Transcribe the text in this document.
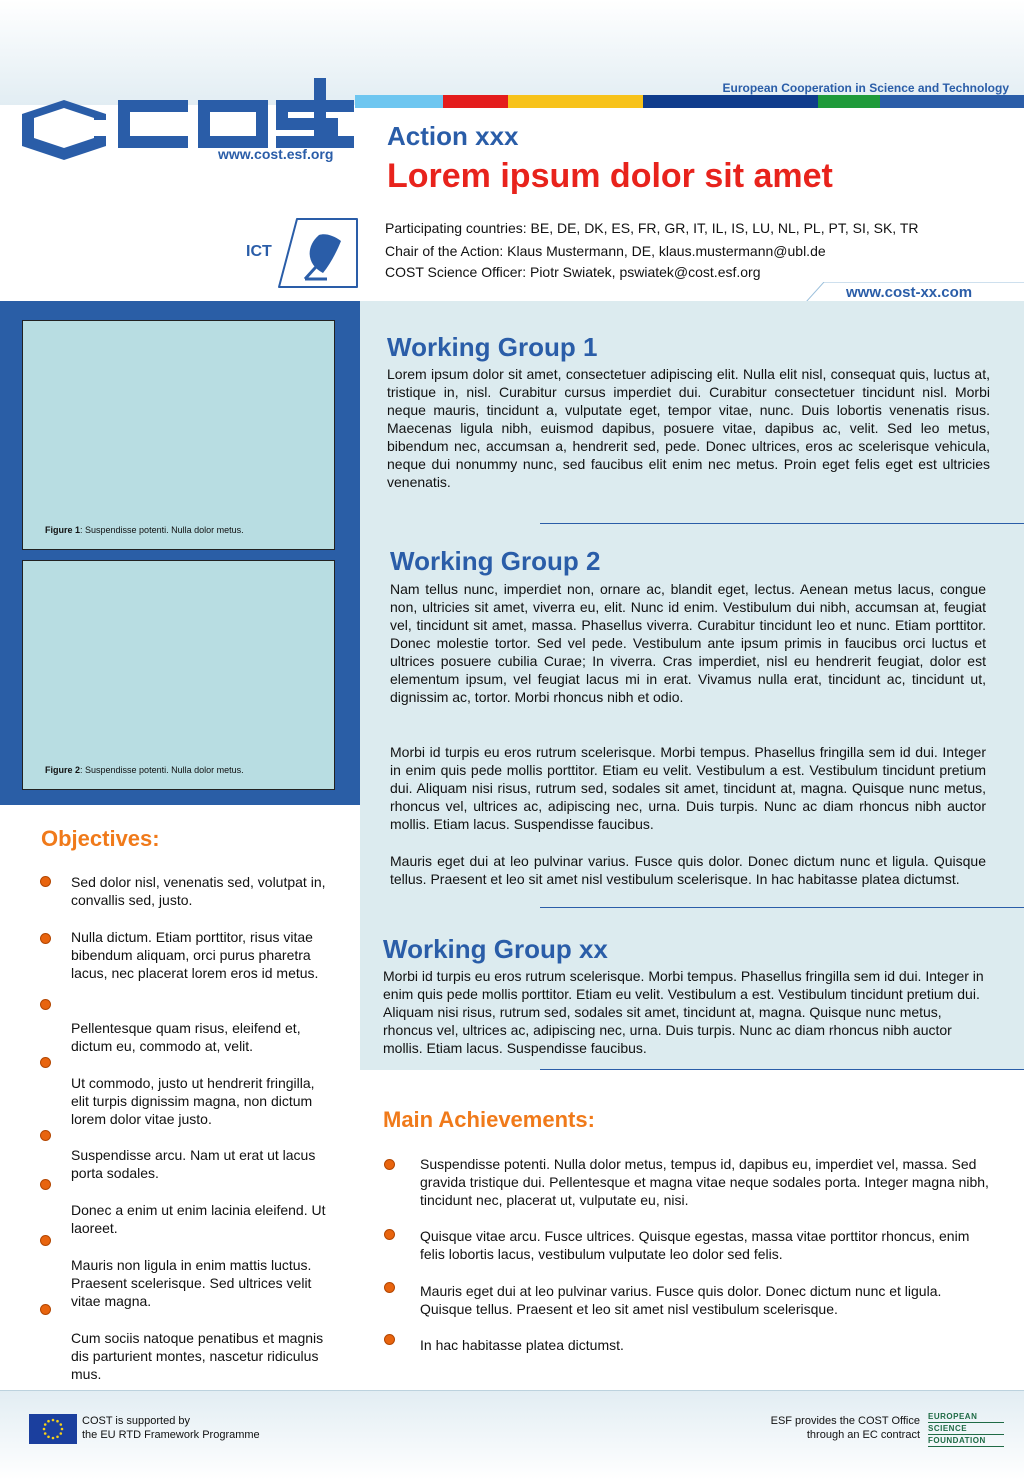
European Cooperation in Science and Technology
www.cost.esf.org
Action xxx
Lorem ipsum dolor sit amet
ICT
Participating countries: BE, DE, DK, ES, FR, GR, IT, IL, IS, LU, NL, PL, PT, SI, SK, TR
Chair of the Action: Klaus Mustermann, DE, klaus.mustermann@ubl.de
COST Science Officer: Piotr Swiatek, pswiatek@cost.esf.org
www.cost-xx.com
Figure 1: Suspendisse potenti. Nulla dolor metus.
Figure 2: Suspendisse potenti. Nulla dolor metus.
Working Group 1

Lorem ipsum dolor sit amet, consectetuer adipiscing elit. Nulla elit nisl, consequat quis, luctus at, tristique in, nisl. Curabitur cursus imperdiet dui. Curabitur consectetuer tincidunt nisl. Morbi neque mauris, tincidunt a, vulputate eget, tempor vitae, nunc. Duis lobortis venenatis risus. Maecenas ligula nibh, euismod dapibus, posuere vitae, dapibus ac, velit. Sed leo metus, bibendum nec, accumsan a, hendrerit sed, pede. Donec ultrices, eros ac scelerisque vehicula, neque dui nonummy nunc, sed faucibus elit enim nec metus. Proin eget felis eget est ultricies venenatis.

Working Group 2

Nam tellus nunc, imperdiet non, ornare ac, blandit eget, lectus. Aenean metus lacus, congue non, ultricies sit amet, viverra eu, elit. Nunc id enim. Vestibulum dui nibh, accumsan at, feugiat vel, tincidunt sit amet, massa. Phasellus viverra. Curabitur tincidunt leo et nunc. Etiam porttitor. Donec molestie tortor. Sed vel pede. Vestibulum ante ipsum primis in faucibus orci luctus et ultrices posuere cubilia Curae; In viverra. Cras imperdiet, nisl eu hendrerit feugiat, dolor est elementum ipsum, vel feugiat lacus mi in erat. Vivamus nulla erat, tincidunt ac, tincidunt ut, dignissim ac, tortor. Morbi rhoncus nibh et odio.

Morbi id turpis eu eros rutrum scelerisque. Morbi tempus. Phasellus fringilla sem id dui. Integer in enim quis pede mollis porttitor. Etiam eu velit. Vestibulum a est. Vestibulum tincidunt pretium dui. Aliquam nisi risus, rutrum sed, sodales sit amet, tincidunt at, magna. Quisque nunc metus, rhoncus vel, ultrices ac, adipiscing nec, urna. Duis turpis. Nunc ac diam rhoncus nibh auctor mollis. Etiam lacus. Suspendisse faucibus.

Mauris eget dui at leo pulvinar varius. Fusce quis dolor. Donec dictum nunc et ligula. Quisque tellus. Praesent et leo sit amet nisl vestibulum scelerisque. In hac habitasse platea dictumst.

Working Group xx

Morbi id turpis eu eros rutrum scelerisque. Morbi tempus. Phasellus fringilla sem id dui. Integer in enim quis pede mollis porttitor. Etiam eu velit. Vestibulum a est. Vestibulum tincidunt pretium dui. Aliquam nisi risus, rutrum sed, sodales sit amet, tincidunt at, magna. Quisque nunc metus, rhoncus vel, ultrices ac, adipiscing nec, urna. Duis turpis. Nunc ac diam rhoncus nibh auctor mollis. Etiam lacus. Suspendisse faucibus.

Objectives:
Sed dolor nisl, venenatis sed, volutpat in, convallis sed, justo.
Nulla dictum. Etiam porttitor, risus vitae bibendum aliquam, orci purus pharetra lacus, nec placerat lorem eros id metus.
Pellentesque quam risus, eleifend et, dictum eu, commodo at, velit.
Ut commodo, justo ut hendrerit fringilla, elit turpis dignissim magna, non dictum lorem dolor vitae justo.
Suspendisse arcu. Nam ut erat ut lacus porta sodales.
Donec a enim ut enim lacinia eleifend. Ut laoreet.
Mauris non ligula in enim mattis luctus. Praesent scelerisque. Sed ultrices velit vitae magna.
Cum sociis natoque penatibus et magnis dis parturient montes, nascetur ridiculus mus.
Main Achievements:
Suspendisse potenti. Nulla dolor metus, tempus id, dapibus eu, imperdiet vel, massa. Sed gravida tristique dui. Pellentesque et magna vitae neque sodales porta. Integer magna nibh, tincidunt nec, placerat ut, vulputate eu, nisi.
Quisque vitae arcu. Fusce ultrices. Quisque egestas, massa vitae porttitor rhoncus, enim felis lobortis lacus, vestibulum vulputate leo dolor sed felis.
Mauris eget dui at leo pulvinar varius. Fusce quis dolor. Donec dictum nunc et ligula. Quisque tellus. Praesent et leo sit amet nisl vestibulum scelerisque.
In hac habitasse platea dictumst.
COST is supported by
the EU RTD Framework Programme
ESF provides the COST Office
through an EC contract
EUROPEAN
SCIENCE
FOUNDATION
